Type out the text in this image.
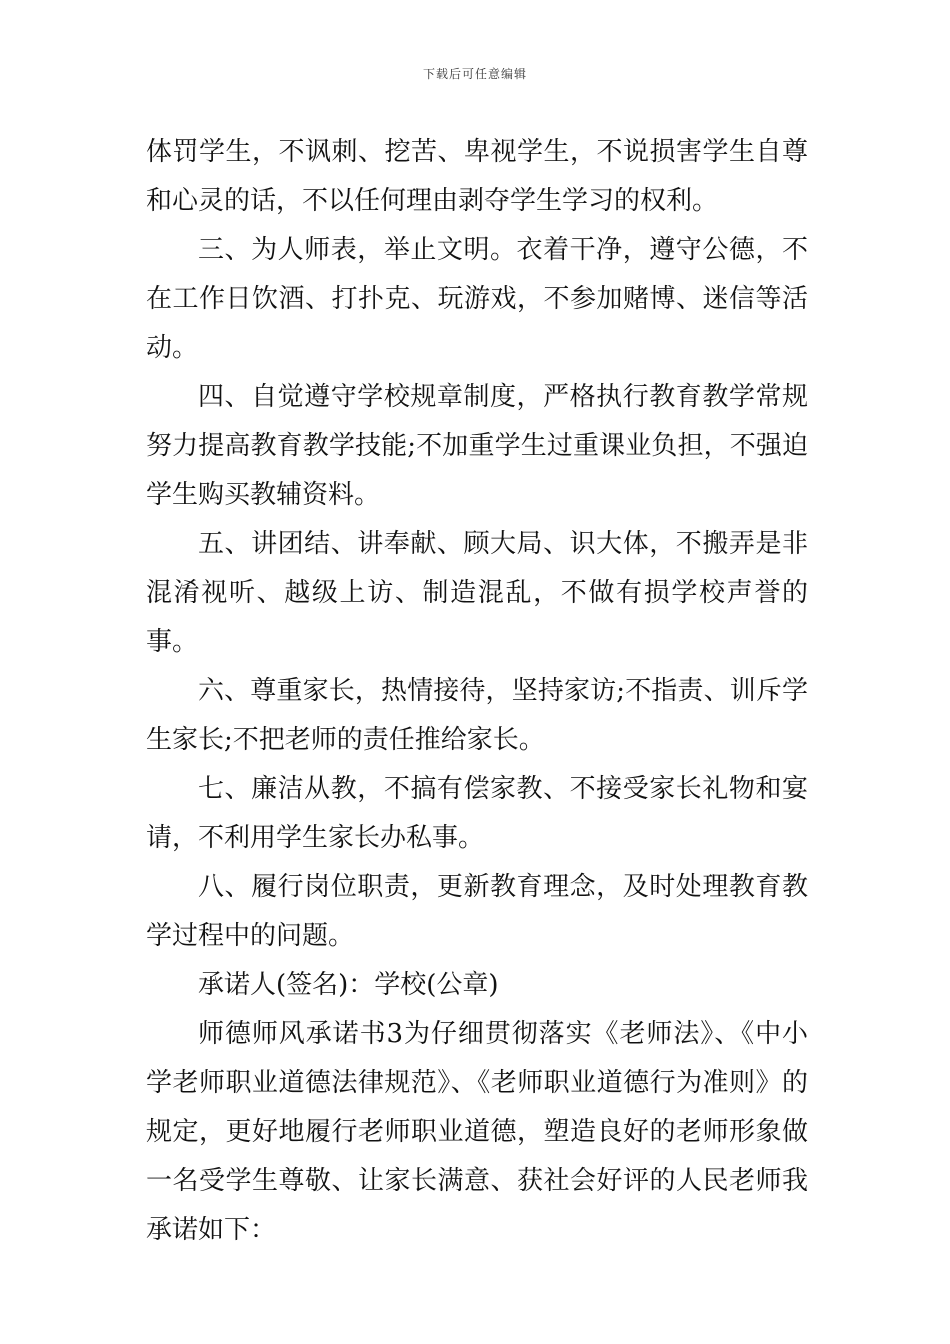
下载后可任意编辑

体罚学生，不讽刺、挖苦、卑视学生，不说损害学生自尊和心灵的话，不以任何理由剥夺学生学习的权利。

三、为人师表，举止文明。衣着干净，遵守公德，不在工作日饮酒、打扑克、玩游戏，不参加赌博、迷信等活动。

四、自觉遵守学校规章制度，严格执行教育教学常规努力提高教育教学技能;不加重学生过重课业负担，不强迫学生购买教辅资料。

五、讲团结、讲奉献、顾大局、识大体，不搬弄是非混淆视听、越级上访、制造混乱，不做有损学校声誉的事。

六、尊重家长，热情接待，坚持家访;不指责、训斥学生家长;不把老师的责任推给家长。

七、廉洁从教，不搞有偿家教、不接受家长礼物和宴请，不利用学生家长办私事。

八、履行岗位职责，更新教育理念，及时处理教育教学过程中的问题。

承诺人(签名)：学校(公章)

师德师风承诺书3为仔细贯彻落实《老师法》、《中小学老师职业道德法律规范》、《老师职业道德行为准则》的规定，更好地履行老师职业道德，塑造良好的老师形象做一名受学生尊敬、让家长满意、获社会好评的人民老师我承诺如下：
